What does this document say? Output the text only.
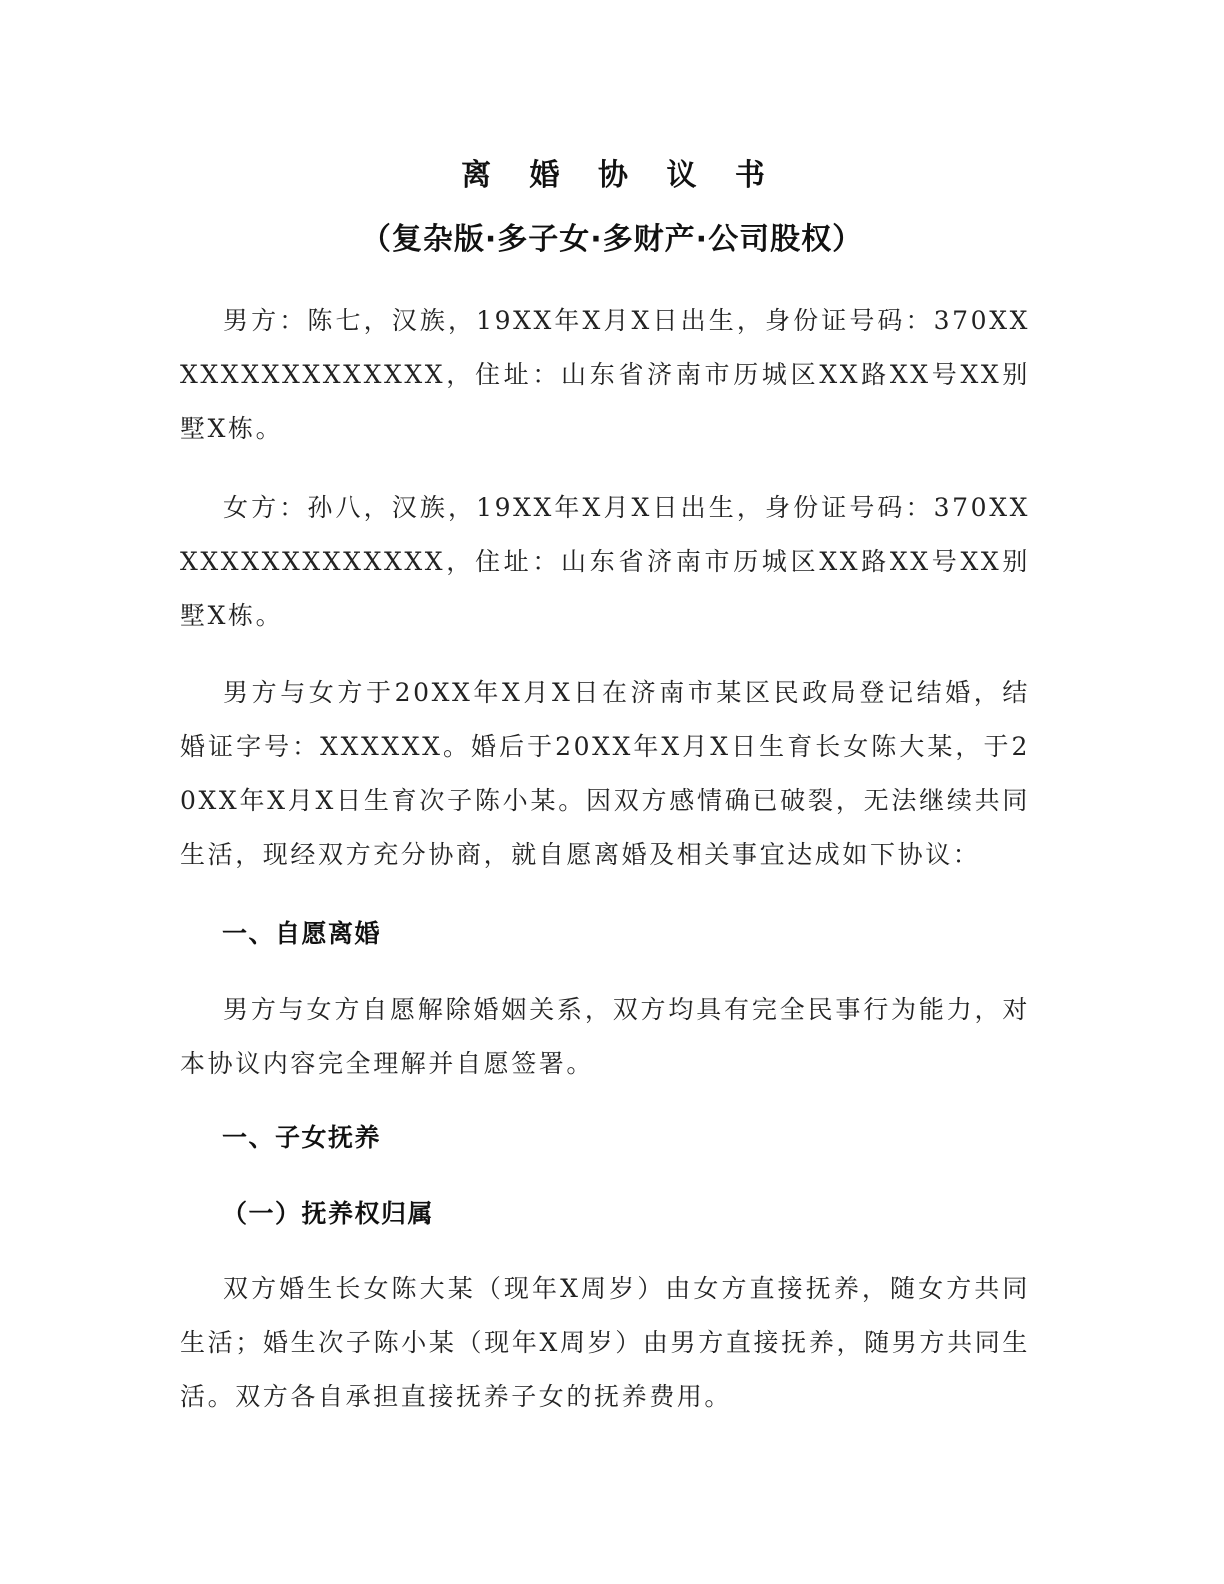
离 婚 协 议 书
（复杂版·多子女·多财产·公司股权）

男方：陈七，汉族，19XX年X月X日出生，身份证号码：370XXXXXXXXXXXXXXX，住址：山东省济南市历城区XX路XX号XX别墅X栋。

女方：孙八，汉族，19XX年X月X日出生，身份证号码：370XXXXXXXXXXXXXXX，住址：山东省济南市历城区XX路XX号XX别墅X栋。

男方与女方于20XX年X月X日在济南市某区民政局登记结婚，结婚证字号：XXXXXX。婚后于20XX年X月X日生育长女陈大某，于20XX年X月X日生育次子陈小某。因双方感情确已破裂，无法继续共同生活，现经双方充分协商，就自愿离婚及相关事宜达成如下协议：

一、自愿离婚

男方与女方自愿解除婚姻关系，双方均具有完全民事行为能力，对本协议内容完全理解并自愿签署。

一、子女抚养
（一）抚养权归属

双方婚生长女陈大某（现年X周岁）由女方直接抚养，随女方共同生活；婚生次子陈小某（现年X周岁）由男方直接抚养，随男方共同生活。双方各自承担直接抚养子女的抚养费用。
